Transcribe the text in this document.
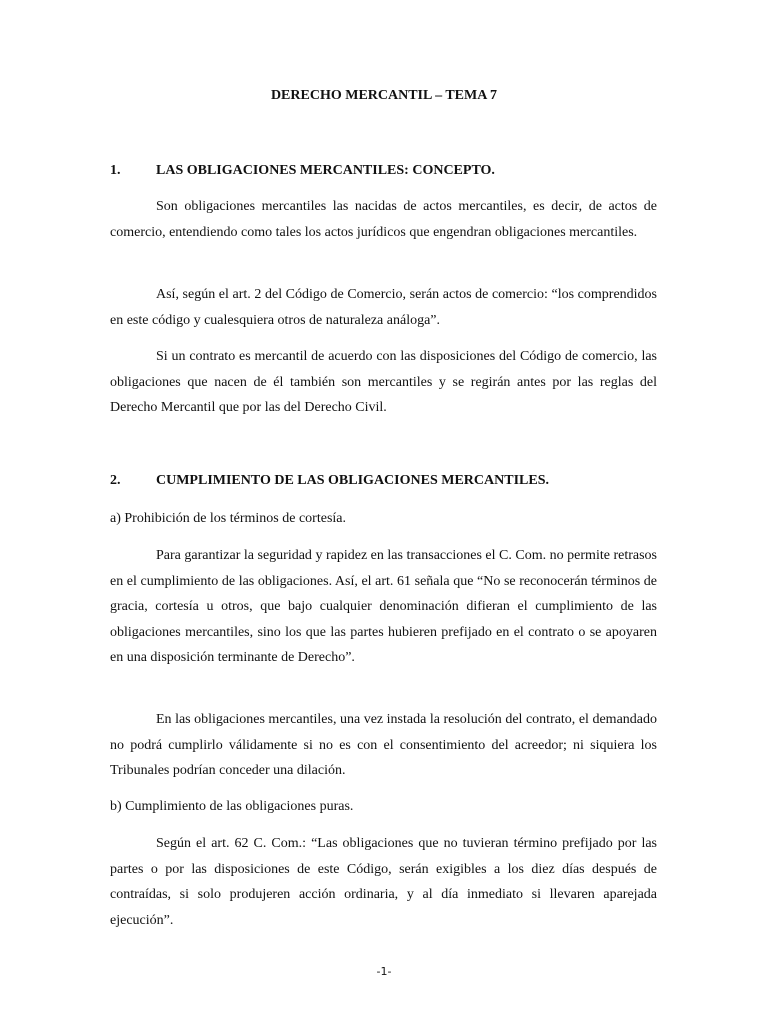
DERECHO MERCANTIL – TEMA 7
1.	LAS OBLIGACIONES MERCANTILES: CONCEPTO.

Son obligaciones mercantiles las nacidas de actos mercantiles, es decir, de actos de comercio, entendiendo como tales los actos jurídicos que engendran obligaciones mercantiles.

Así, según el art. 2 del Código de Comercio, serán actos de comercio: “los comprendidos en este código y cualesquiera otros de naturaleza análoga”.

Si un contrato es mercantil de acuerdo con las disposiciones del Código de comercio, las obligaciones que nacen de él también son mercantiles y se regirán antes por las reglas del Derecho Mercantil que por las del Derecho Civil.

2.	CUMPLIMIENTO DE LAS OBLIGACIONES MERCANTILES.

a) Prohibición de los términos de cortesía.

Para garantizar la seguridad y rapidez en las transacciones el C. Com. no permite retrasos en el cumplimiento de las obligaciones. Así, el art. 61 señala que “No se reconocerán términos de gracia, cortesía u otros, que bajo cualquier denominación difieran el cumplimiento de las obligaciones mercantiles, sino los que las partes hubieren prefijado en el contrato o se apoyaren en una disposición terminante de Derecho”.

En las obligaciones mercantiles, una vez instada la resolución del contrato, el demandado no podrá cumplirlo válidamente si no es con el consentimiento del acreedor; ni siquiera los Tribunales podrían conceder una dilación.

b) Cumplimiento de las obligaciones puras.

Según el art. 62 C. Com.: “Las obligaciones que no tuvieran término prefijado por las partes o por las disposiciones de este Código, serán exigibles a los diez días después de contraídas, si solo produjeren acción ordinaria, y al día inmediato si llevaren aparejada ejecución”.

-1-
